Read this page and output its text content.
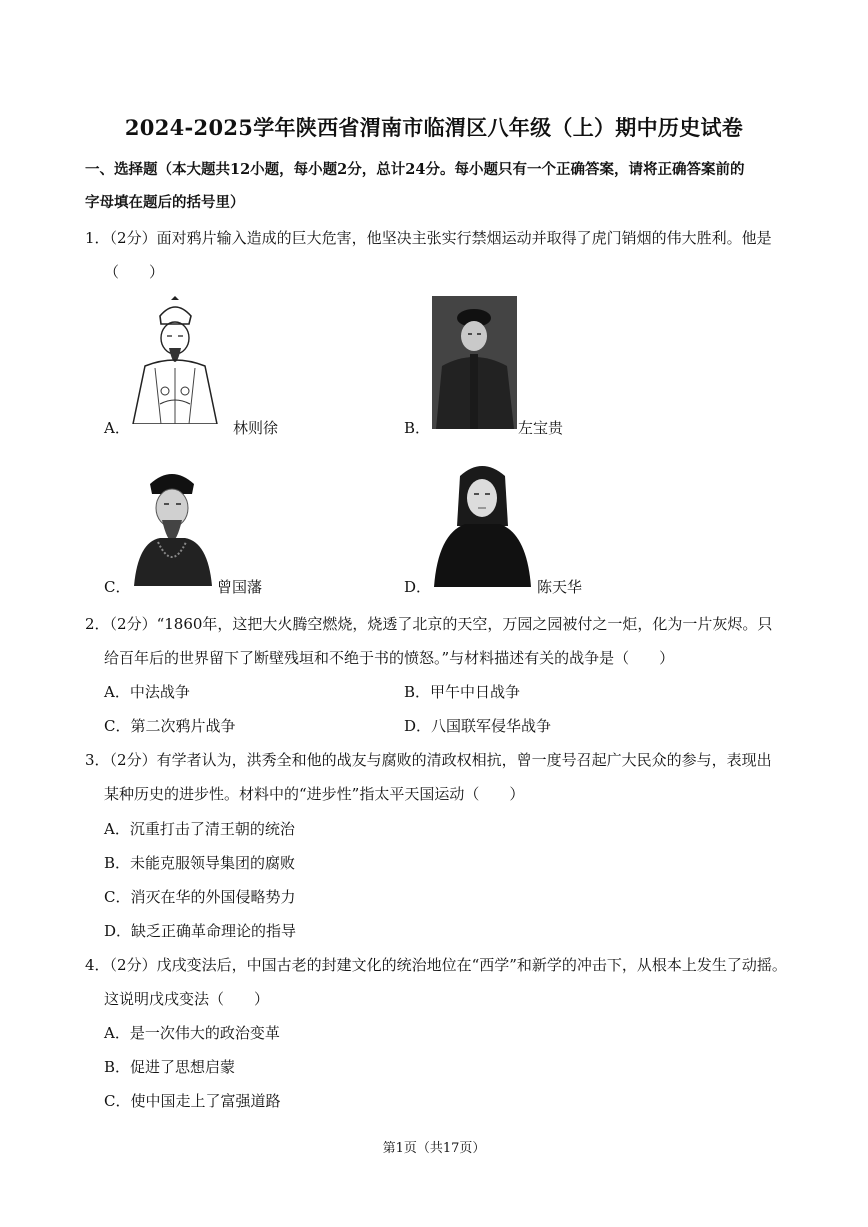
2024-2025学年陕西省渭南市临渭区八年级（上）期中历史试卷
一、选择题（本大题共12小题，每小题2分，总计24分。每小题只有一个正确答案，请将正确答案前的
字母填在题后的括号里）
1．（2分）面对鸦片输入造成的巨大危害，他坚决主张实行禁烟运动并取得了虎门销烟的伟大胜利。他是
（　　）
A．	林则徐	B．	左宝贵
C．	曾国藩	D．	陈天华
2．（2分）“1860年，这把大火腾空燃烧，烧透了北京的天空，万园之园被付之一炬，化为一片灰烬。只
给百年后的世界留下了断壁残垣和不绝于书的愤怒。”与材料描述有关的战争是（　　）
A．中法战争	B．甲午中日战争
C．第二次鸦片战争	D．八国联军侵华战争
3．（2分）有学者认为，洪秀全和他的战友与腐败的清政权相抗，曾一度号召起广大民众的参与，表现出
某种历史的进步性。材料中的“进步性”指太平天国运动（　　）
A．沉重打击了清王朝的统治
B．未能克服领导集团的腐败
C．消灭在华的外国侵略势力
D．缺乏正确革命理论的指导
4．（2分）戊戌变法后，中国古老的封建文化的统治地位在“西学”和新学的冲击下，从根本上发生了动摇。
这说明戊戌变法（　　）
A．是一次伟大的政治变革
B．促进了思想启蒙
C．使中国走上了富强道路
第1页（共17页）
